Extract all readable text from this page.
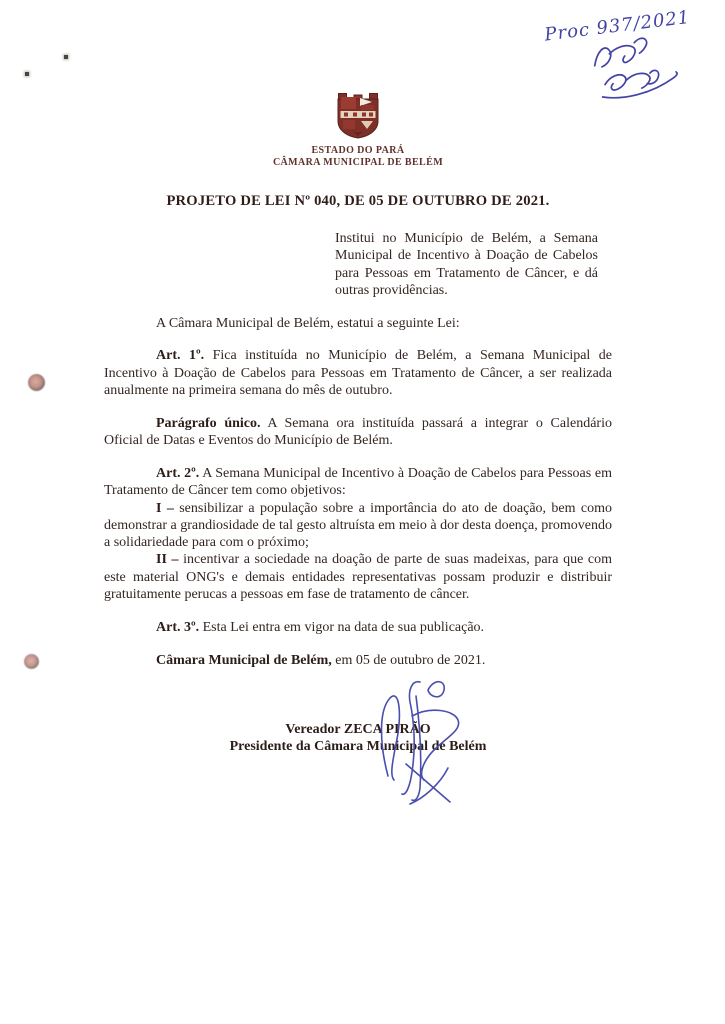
ESTADO DO PARÁ
CÂMARA MUNICIPAL DE BELÉM
PROJETO DE LEI Nº 040, DE 05 DE OUTUBRO DE 2021.
Institui no Município de Belém, a Semana Municipal de Incentivo à Doação de Cabelos para Pessoas em Tratamento de Câncer, e dá outras providências.

A Câmara Municipal de Belém, estatui a seguinte Lei:

Art. 1º. Fica instituída no Município de Belém, a Semana Municipal de Incentivo à Doação de Cabelos para Pessoas em Tratamento de Câncer, a ser realizada anualmente na primeira semana do mês de outubro.

Parágrafo único. A Semana ora instituída passará a integrar o Calendário Oficial de Datas e Eventos do Município de Belém.

Art. 2º. A Semana Municipal de Incentivo à Doação de Cabelos para Pessoas em Tratamento de Câncer tem como objetivos:

I – sensibilizar a população sobre a importância do ato de doação, bem como demonstrar a grandiosidade de tal gesto altruísta em meio à dor desta doença, promovendo a solidariedade para com o próximo;

II – incentivar a sociedade na doação de parte de suas madeixas, para que com este material ONG's e demais entidades representativas possam produzir e distribuir gratuitamente perucas a pessoas em fase de tratamento de câncer.

Art. 3º. Esta Lei entra em vigor na data de sua publicação.

Câmara Municipal de Belém, em 05 de outubro de 2021.

Vereador ZECA PIRÃO
Presidente da Câmara Municipal de Belém
Proc 937/2021
